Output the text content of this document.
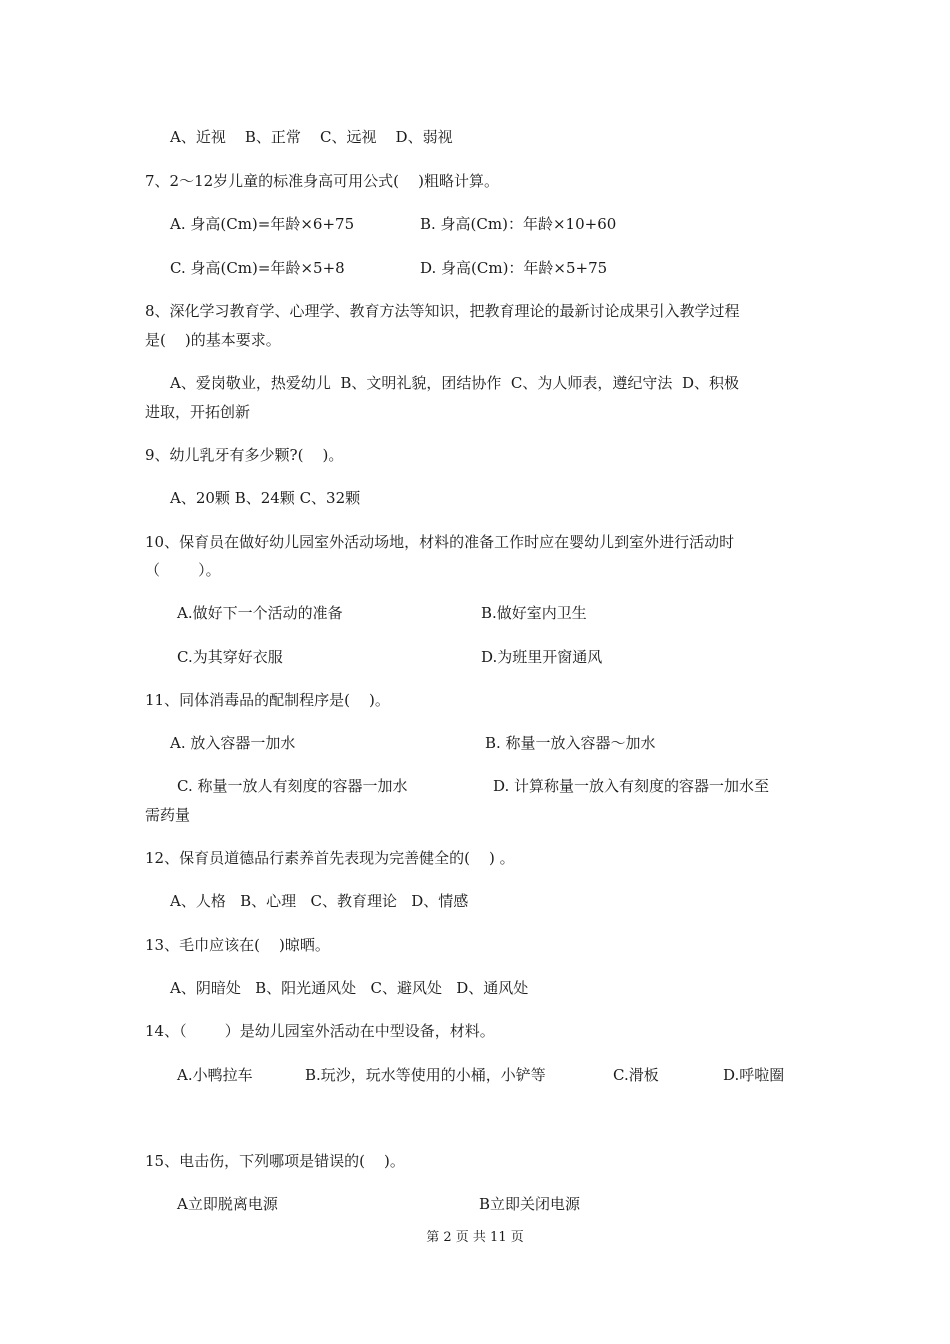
A、近视    B、正常    C、远视    D、弱视
7、2～12岁儿童的标准身高可用公式(    )粗略计算。
A. 身高(Cm)=年龄×6+75	B. 身高(Cm)：年龄×10+60
C. 身高(Cm)=年龄×5+8	D. 身高(Cm)：年龄×5+75
8、深化学习教育学、心理学、教育方法等知识，把教育理论的最新讨论成果引入教学过程
是(    )的基本要求。
A、爱岗敬业，热爱幼儿  B、文明礼貌，团结协作  C、为人师表，遵纪守法  D、积极
进取，开拓创新
9、幼儿乳牙有多少颗?(    )。
A、20颗 B、24颗 C、32颗
10、保育员在做好幼儿园室外活动场地，材料的准备工作时应在婴幼儿到室外进行活动时
（        ）。
A.做好下一个活动的准备	B.做好室内卫生
C.为其穿好衣服	D.为班里开窗通风
11、同体消毒品的配制程序是(    )。
A. 放入容器一加水	B. 称量一放入容器～加水
C. 称量一放人有刻度的容器一加水	D. 计算称量一放入有刻度的容器一加水至
需药量
12、保育员道德品行素养首先表现为完善健全的(    ) 。
A、人格   B、心理   C、教育理论   D、情感
13、毛巾应该在(    )晾晒。
A、阴暗处   B、阳光通风处   C、避风处   D、通风处
14、（        ）是幼儿园室外活动在中型设备，材料。
A.小鸭拉车	B.玩沙，玩水等使用的小桶，小铲等	C.滑板	D.呼啦圈
15、电击伤，下列哪项是错误的(    )。
A立即脱离电源	B立即关闭电源
第 2 页 共 11 页
